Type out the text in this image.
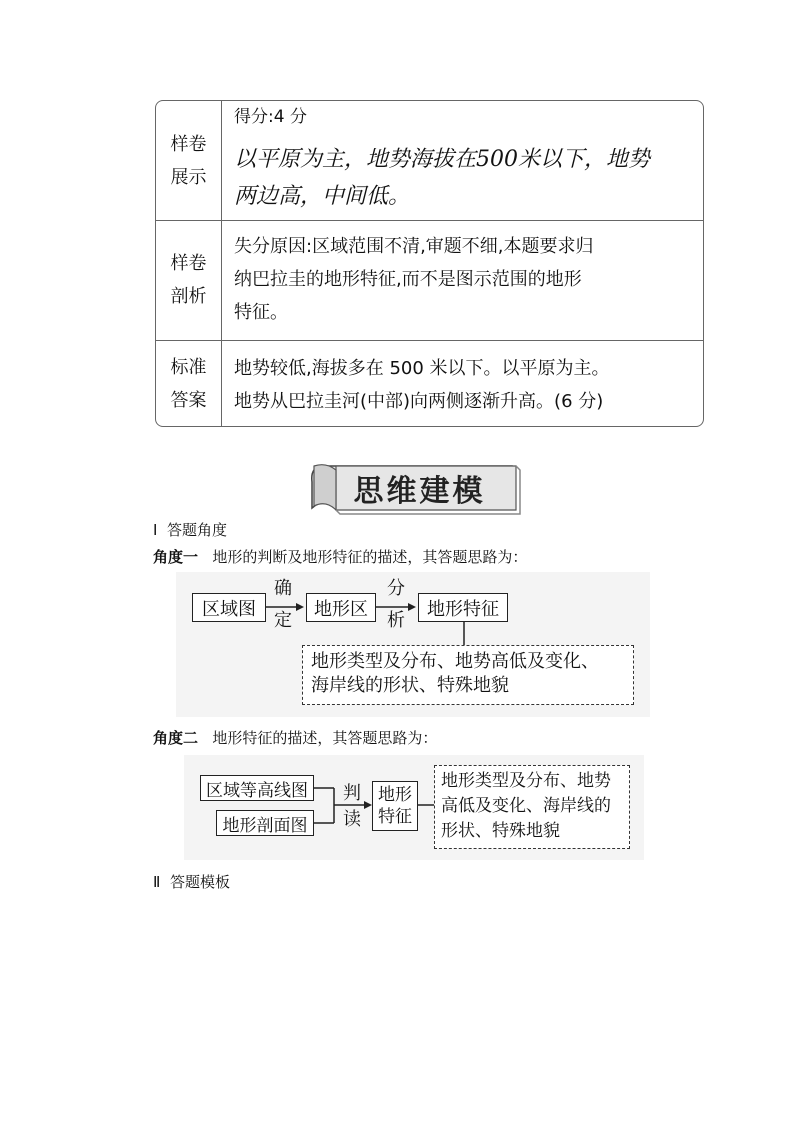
样卷
展示
得分:4 分
以平原为主，地势海拔在500米以下，地势
两边高，中间低。
样卷
剖析
失分原因:区域范围不清,审题不细,本题要求归
纳巴拉圭的地形特征,而不是图示范围的地形
特征。
标准
答案
地势较低,海拔多在 500 米以下。以平原为主。
地势从巴拉圭河(中部)向两侧逐渐升高。(6 分)
思维建模
Ⅰ 答题角度
角度一 地形的判断及地形特征的描述，其答题思路为：
区域图
确
定
地形区
分
析
地形特征
地形类型及分布、地势高低及变化、
海岸线的形状、特殊地貌
角度二 地形特征的描述，其答题思路为：
区域等高线图
地形剖面图
判
读
地形
特征
地形类型及分布、地势
高低及变化、海岸线的
形状、特殊地貌
Ⅱ 答题模板
